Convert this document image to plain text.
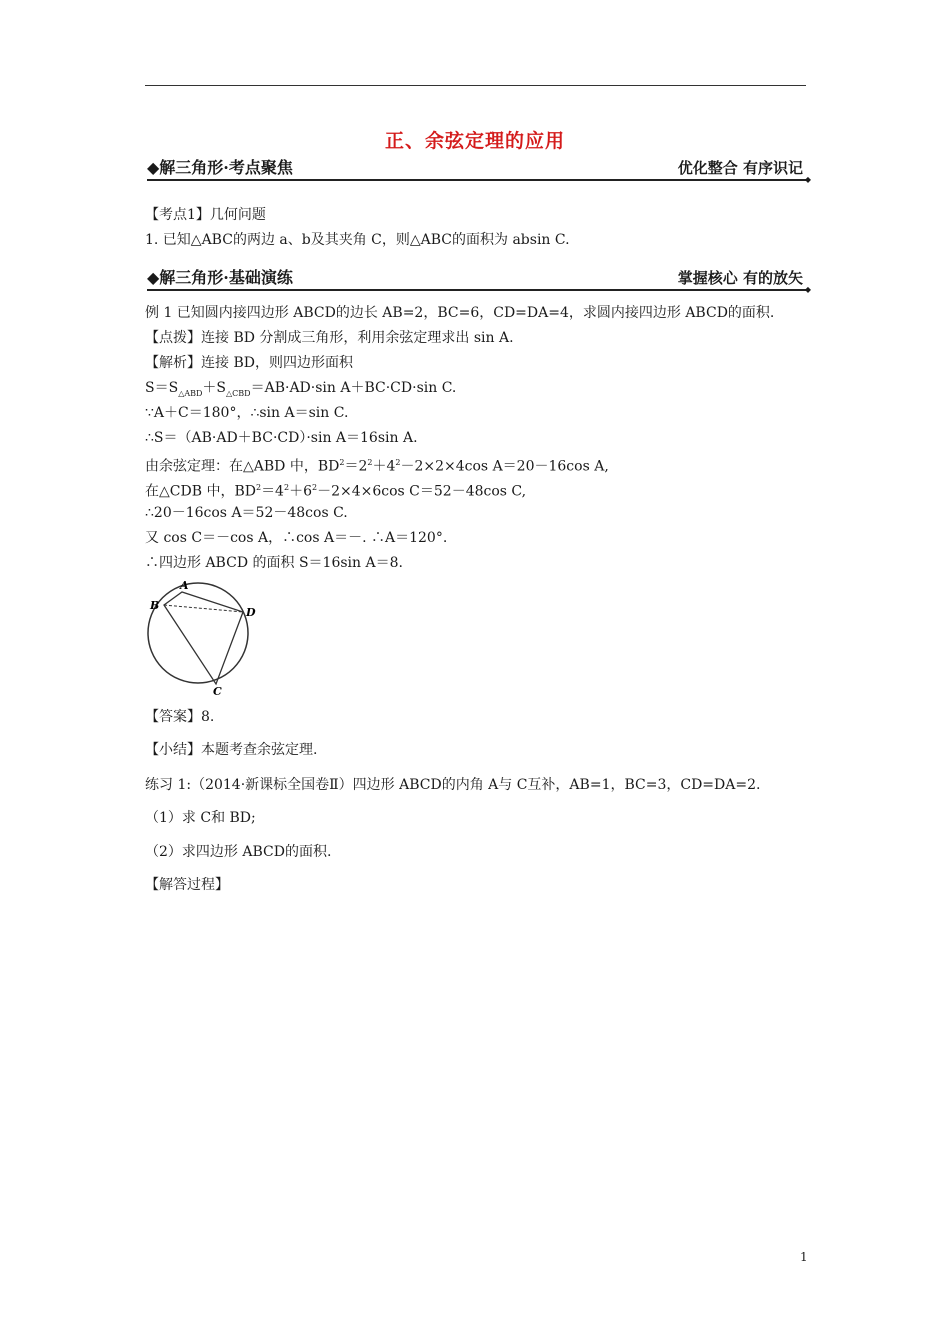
正、余弦定理的应用
◆解三角形·考点聚焦	优化整合 有序识记
◆
【考点1】几何问题
1. 已知△ABC的两边 a、b及其夹角 C，则△ABC的面积为 absin C.
◆解三角形·基础演练	掌握核心 有的放矢
◆
例 1 已知圆内接四边形 ABCD的边长 AB=2，BC=6，CD=DA=4，求圆内接四边形 ABCD的面积.
【点拨】连接 BD 分割成三角形，利用余弦定理求出 sin A.
【解析】连接 BD，则四边形面积
$S=S_{\triangle ABD}+S_{\triangle CBD}=AB\cdot AD\cdot\sin$ A＋BC·CD·sin C.
∵A＋C＝180°，∴sin A＝sin C.
∴S＝（AB·AD＋BC·CD）·sin A＝16sin A.
由余弦定理：在△ABD 中，$BD^2=2^2+4^2-2\times 2\times 4\cos$ A＝20－16cos A,
在△CDB 中，$BD^2=4^2+6^2-2\times 4\times 6\cos$ C＝52－48cos C,
∴20－16cos A＝52－48cos C.
又 cos C＝－cos A，∴cos A＝－. ∴A＝120°.
∴四边形 ABCD 的面积 S＝16sin A＝8.
A
B
D
C
【答案】8.
【小结】本题考查余弦定理.
练习 1:（2014·新课标全国卷Ⅱ）四边形 ABCD的内角 A与 C互补，AB=1，BC=3，CD=DA=2.
（1）求 C和 BD;
（2）求四边形 ABCD的面积.
【解答过程】
1
